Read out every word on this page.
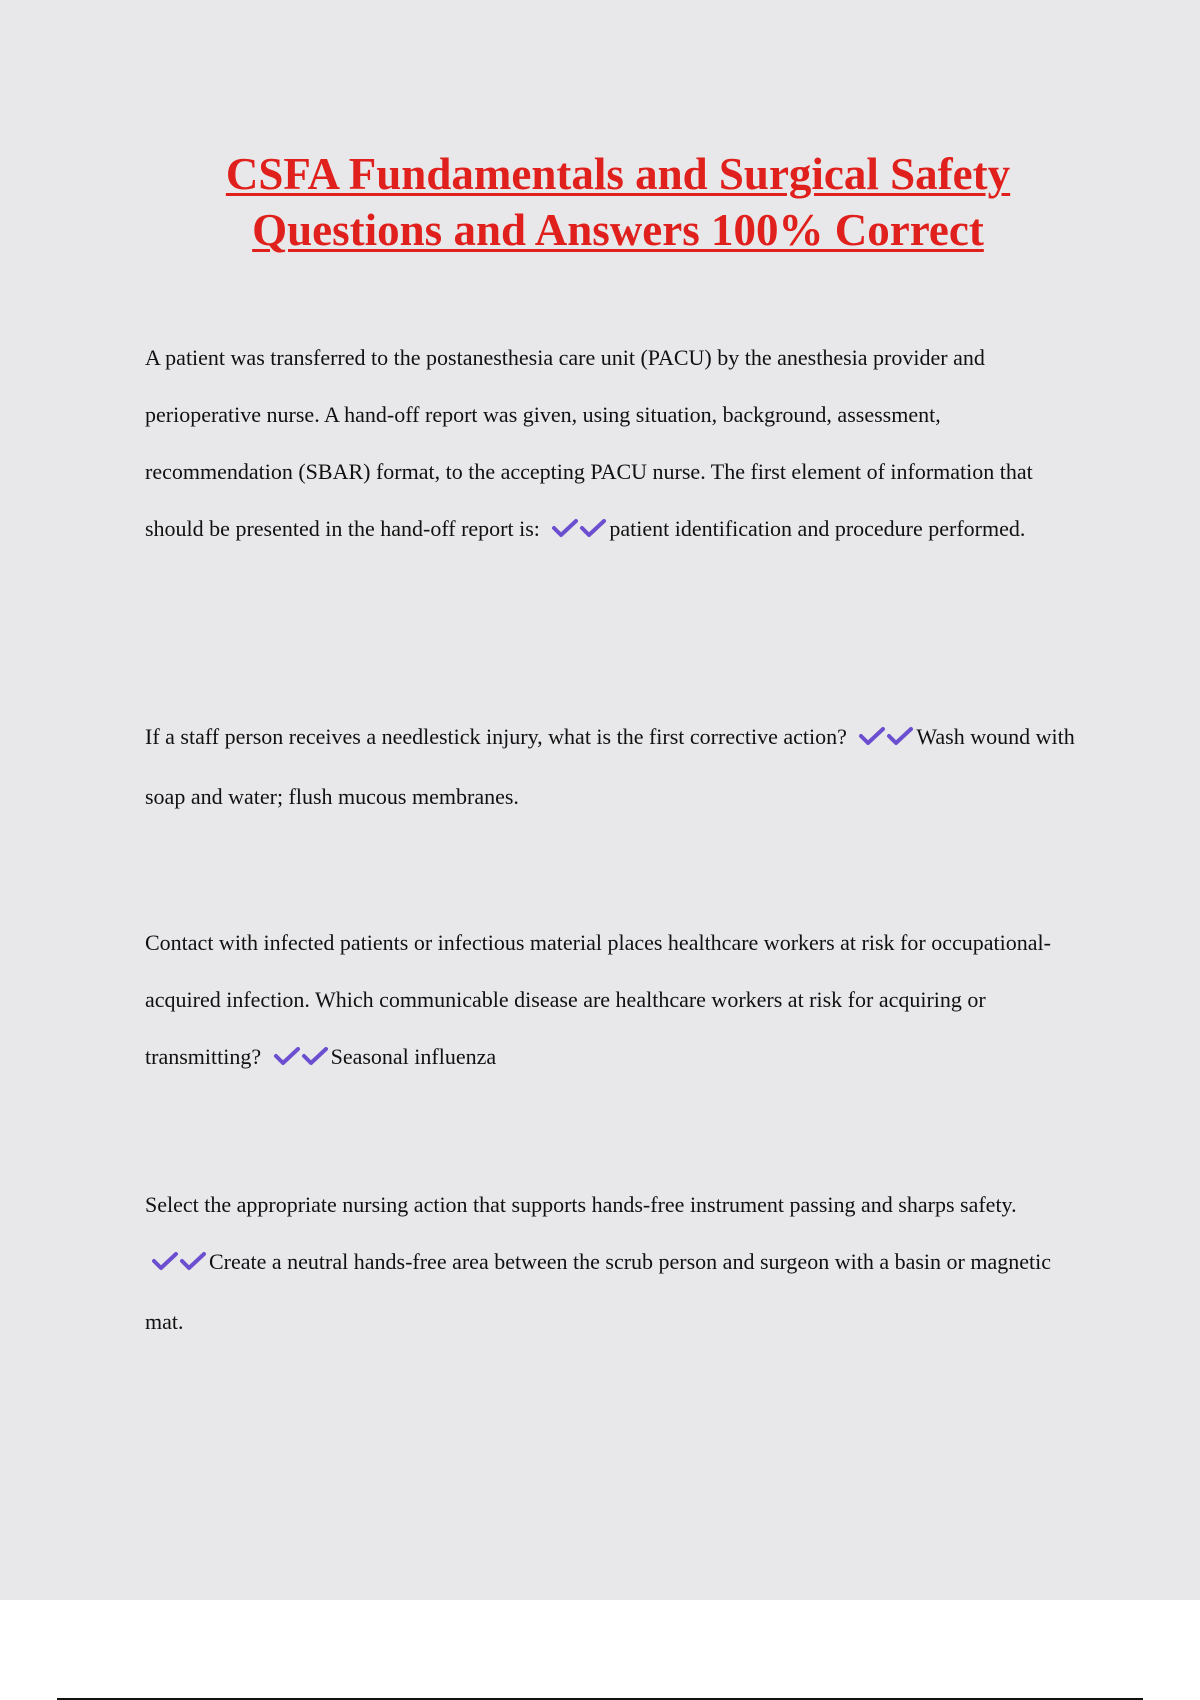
CSFA Fundamentals and Surgical Safety
Questions and Answers 100% Correct

A patient was transferred to the postanesthesia care unit (PACU) by the anesthesia provider and perioperative nurse. A hand-off report was given, using situation, background, assessment, recommendation (SBAR) format, to the accepting PACU nurse. The first element of information that should be presented in the hand-off report is:	patient identification and procedure performed.

If a staff person receives a needlestick injury, what is the first corrective action?	Wash wound with soap and water; flush mucous membranes.

Contact with infected patients or infectious material places healthcare workers at risk for occupational-acquired infection. Which communicable disease are healthcare workers at risk for acquiring or transmitting?	Seasonal influenza

Select the appropriate nursing action that supports hands-free instrument passing and sharps safety. Create a neutral hands-free area between the scrub person and surgeon with a basin or magnetic mat.
